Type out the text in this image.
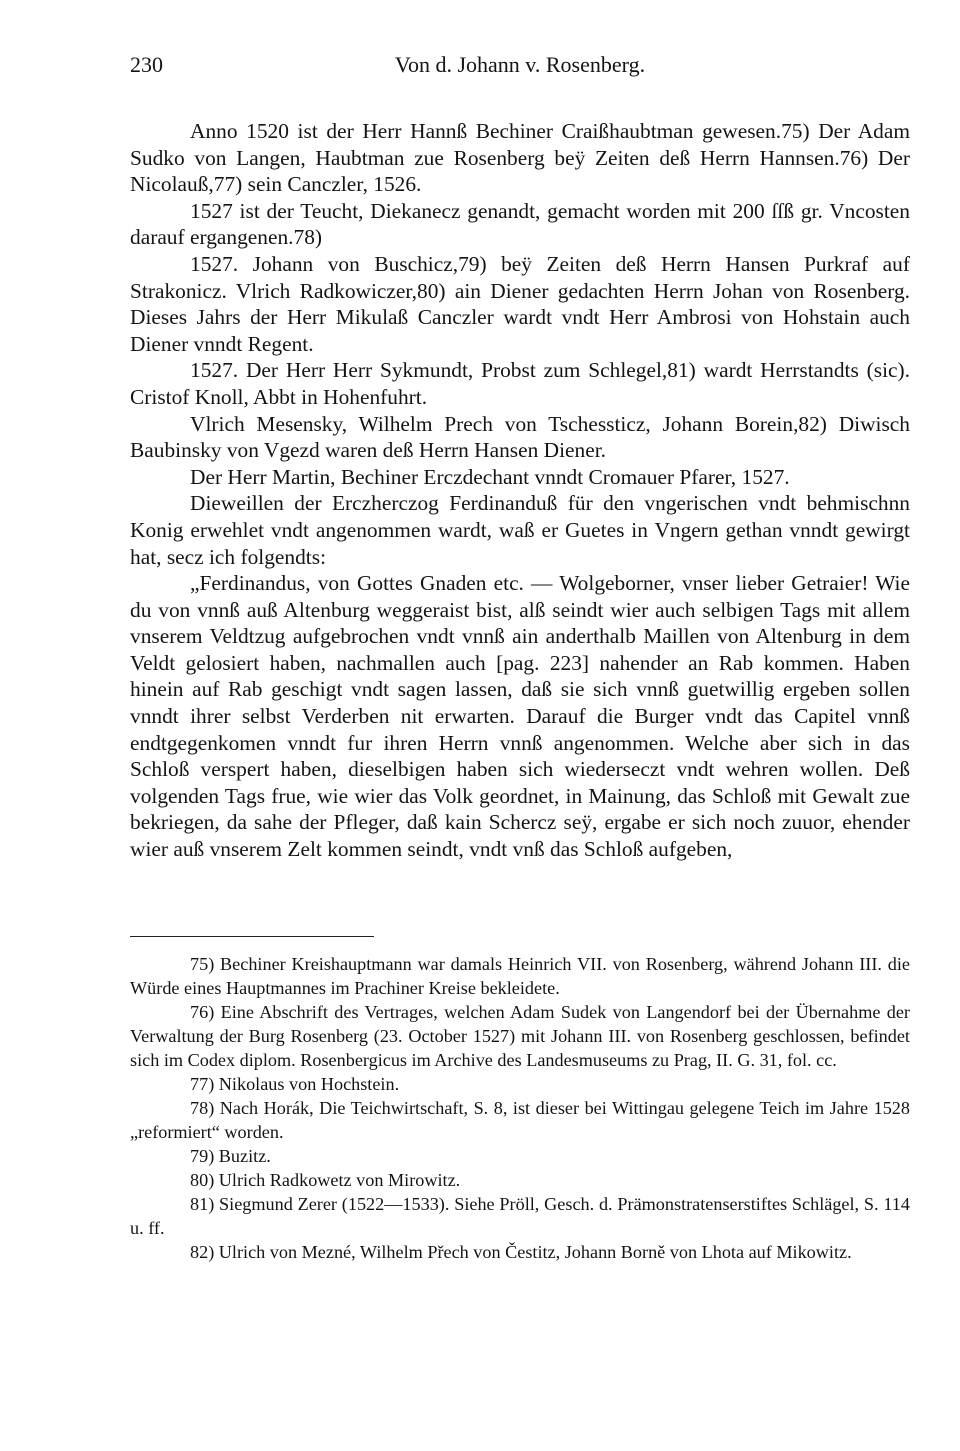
230	Von d. Johann v. Rosenberg.

Anno 1520 ist der Herr Hannß Bechiner Craißhaubtman gewesen.75) Der Adam Sudko von Langen, Haubtman zue Rosenberg beÿ Zeiten deß Herrn Hannsen.76) Der Nicolauß,77) sein Canczler, 1526.

1527 ist der Teucht, Diekanecz genandt, gemacht worden mit 200 ſſß gr. Vncosten darauf ergangenen.78)

1527. Johann von Buschicz,79) beÿ Zeiten deß Herrn Hansen Purkraf auf Strakonicz. Vlrich Radkowiczer,80) ain Diener gedachten Herrn Johan von Rosenberg. Dieses Jahrs der Herr Mikulaß Canczler wardt vndt Herr Ambrosi von Hohstain auch Diener vnndt Regent.

1527. Der Herr Herr Sykmundt, Probst zum Schlegel,81) wardt Herrstandts (sic). Cristof Knoll, Abbt in Hohenfuhrt.

Vlrich Mesensky, Wilhelm Prech von Tschessticz, Johann Borein,82) Diwisch Baubinsky von Vgezd waren deß Herrn Hansen Diener.

Der Herr Martin, Bechiner Erczdechant vnndt Cromauer Pfarer, 1527.

Dieweillen der Erczherczog Ferdinanduß für den vngerischen vndt behmischnn Konig erwehlet vndt angenommen wardt, waß er Guetes in Vngern gethan vnndt gewirgt hat, secz ich folgendts:

„Ferdinandus, von Gottes Gnaden etc. — Wolgeborner, vnser lieber Getraier! Wie du von vnnß auß Altenburg weggeraist bist, alß seindt wier auch selbigen Tags mit allem vnserem Veldtzug aufgebrochen vndt vnnß ain anderthalb Maillen von Altenburg in dem Veldt gelosiert haben, nachmallen auch [pag. 223] nahender an Rab kommen. Haben hinein auf Rab geschigt vndt sagen lassen, daß sie sich vnnß guetwillig ergeben sollen vnndt ihrer selbst Verderben nit erwarten. Darauf die Burger vndt das Capitel vnnß endtgegenkomen vnndt fur ihren Herrn vnnß angenommen. Welche aber sich in das Schloß verspert haben, dieselbigen haben sich wiederseczt vndt wehren wollen. Deß volgenden Tags frue, wie wier das Volk geordnet, in Mainung, das Schloß mit Gewalt zue bekriegen, da sahe der Pfleger, daß kain Schercz seÿ, ergabe er sich noch zuuor, ehender wier auß vnserem Zelt kommen seindt, vndt vnß das Schloß aufgeben,

75) Bechiner Kreishauptmann war damals Heinrich VII. von Rosenberg, während Johann III. die Würde eines Hauptmannes im Prachiner Kreise bekleidete.

76) Eine Abschrift des Vertrages, welchen Adam Sudek von Langendorf bei der Übernahme der Verwaltung der Burg Rosenberg (23. October 1527) mit Johann III. von Rosenberg geschlossen, befindet sich im Codex diplom. Rosenbergicus im Archive des Landesmuseums zu Prag, II. G. 31, fol. cc.

77) Nikolaus von Hochstein.

78) Nach Horák, Die Teichwirtschaft, S. 8, ist dieser bei Wittingau gelegene Teich im Jahre 1528 „reformiert“ worden.

79) Buzitz.

80) Ulrich Radkowetz von Mirowitz.

81) Siegmund Zerer (1522—1533). Siehe Pröll, Gesch. d. Prämonstratenserstiftes Schlägel, S. 114 u. ff.

82) Ulrich von Mezné, Wilhelm Přech von Čestitz, Johann Borně von Lhota auf Mikowitz.
